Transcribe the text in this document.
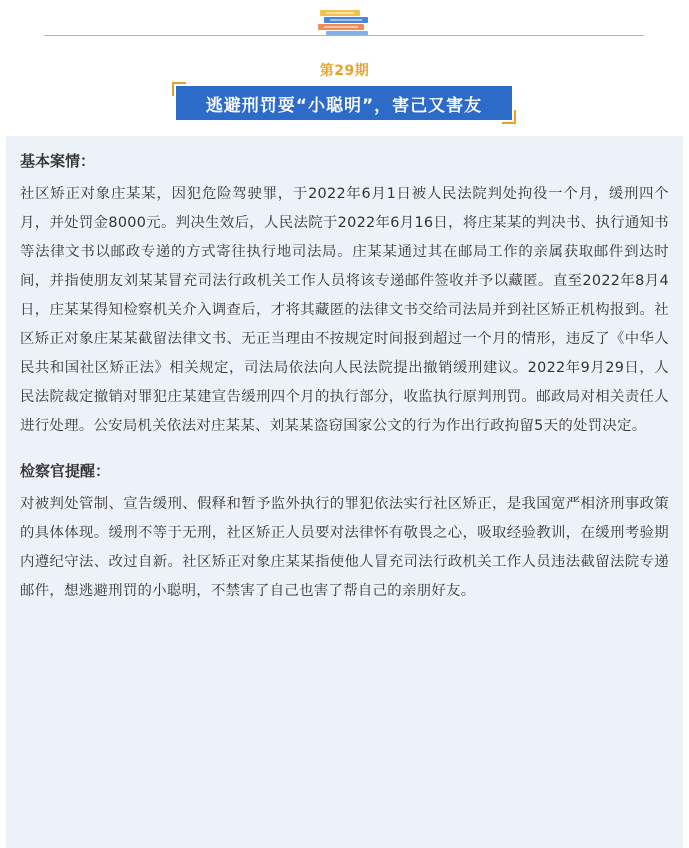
第29期
逃避刑罚耍“小聪明”，害己又害友
基本案情：

社区矫正对象庄某某，因犯危险驾驶罪，于2022年6月1日被人民法院判处拘役一个月，缓刑四个月，并处罚金8000元。判决生效后，人民法院于2022年6月16日，将庄某某的判决书、执行通知书等法律文书以邮政专递的方式寄往执行地司法局。庄某某通过其在邮局工作的亲属获取邮件到达时间，并指使朋友刘某某冒充司法行政机关工作人员将该专递邮件签收并予以藏匿。直至2022年8月4日，庄某某得知检察机关介入调查后，才将其藏匿的法律文书交给司法局并到社区矫正机构报到。社区矫正对象庄某某截留法律文书、无正当理由不按规定时间报到超过一个月的情形，违反了《中华人民共和国社区矫正法》相关规定，司法局依法向人民法院提出撤销缓刑建议。2022年9月29日，人民法院裁定撤销对罪犯庄某建宣告缓刑四个月的执行部分，收监执行原判刑罚。邮政局对相关责任人进行处理。公安局机关依法对庄某某、刘某某盗窃国家公文的行为作出行政拘留5天的处罚决定。

检察官提醒：

对被判处管制、宣告缓刑、假释和暂予监外执行的罪犯依法实行社区矫正，是我国宽严相济刑事政策的具体体现。缓刑不等于无刑，社区矫正人员要对法律怀有敬畏之心，吸取经验教训，在缓刑考验期内遵纪守法、改过自新。社区矫正对象庄某某指使他人冒充司法行政机关工作人员违法截留法院专递邮件，想逃避刑罚的小聪明，不禁害了自己也害了帮自己的亲朋好友。
